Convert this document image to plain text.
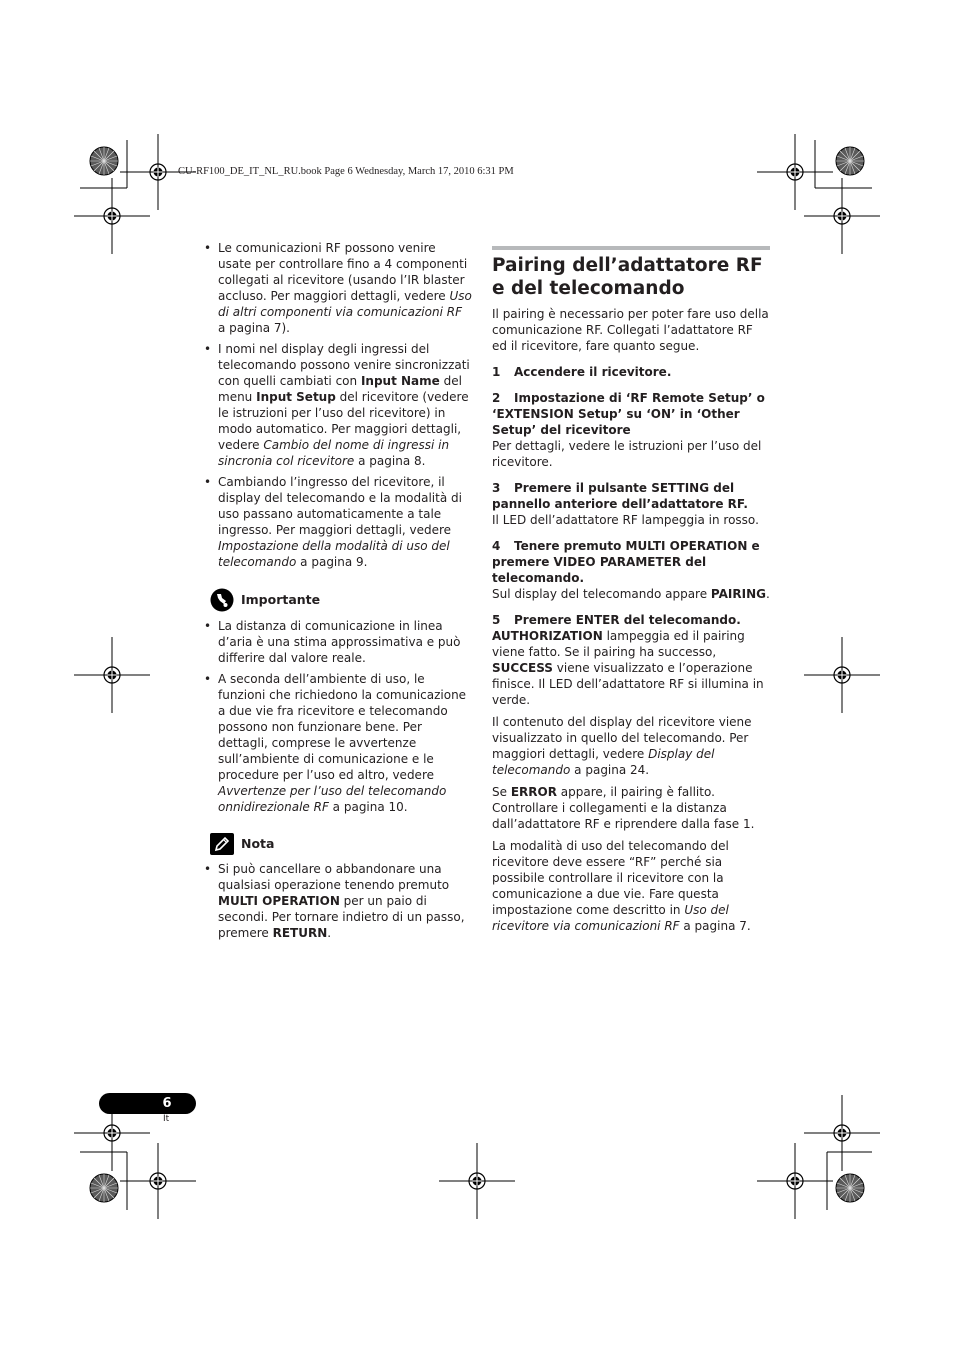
CU-RF100_DE_IT_NL_RU.book Page 6 Wednesday, March 17, 2010 6:31 PM
• Le comunicazioni RF possono venire usate per controllare fino a 4 componenti collegati al ricevitore (usando l’IR blaster accluso. Per maggiori dettagli, vedere Uso di altri componenti via comunicazioni RF a pagina 7).
• I nomi nel display degli ingressi del telecomando possono venire sincronizzati con quelli cambiati con Input Name del menu Input Setup del ricevitore (vedere le istruzioni per l’uso del ricevitore) in modo automatico. Per maggiori dettagli, vedere Cambio del nome di ingressi in sincronia col ricevitore a pagina 8.
• Cambiando l’ingresso del ricevitore, il display del telecomando e la modalità di uso passano automaticamente a tale ingresso. Per maggiori dettagli, vedere Impostazione della modalità di uso del telecomando a pagina 9.
Importante
• La distanza di comunicazione in linea d’aria è una stima approssimativa e può differire dal valore reale.
• A seconda dell’ambiente di uso, le funzioni che richiedono la comunicazione a due vie fra ricevitore e telecomando possono non funzionare bene. Per dettagli, comprese le avvertenze sull’ambiente di comunicazione e le procedure per l’uso ed altro, vedere Avvertenze per l’uso del telecomando onnidirezionale RF a pagina 10.
Nota
• Si può cancellare o abbandonare una qualsiasi operazione tenendo premuto MULTI OPERATION per un paio di secondi. Per tornare indietro di un passo, premere RETURN.
Pairing dell’adattatore RF e del telecomando

Il pairing è necessario per poter fare uso della comunicazione RF. Collegati l’adattatore RF ed il ricevitore, fare quanto segue.

1 Accendere il ricevitore.

2 Impostazione di ‘RF Remote Setup’ o ‘EXTENSION Setup’ su ‘ON’ in ‘Other Setup’ del ricevitore

Per dettagli, vedere le istruzioni per l’uso del ricevitore.

3 Premere il pulsante SETTING del pannello anteriore dell’adattatore RF.

Il LED dell’adattatore RF lampeggia in rosso.

4 Tenere premuto MULTI OPERATION e premere VIDEO PARAMETER del telecomando.

Sul display del telecomando appare PAIRING.

5 Premere ENTER del telecomando.

AUTHORIZATION lampeggia ed il pairing viene fatto. Se il pairing ha successo, SUCCESS viene visualizzato e l’operazione finisce. Il LED dell’adattatore RF si illumina in verde.

Il contenuto del display del ricevitore viene visualizzato in quello del telecomando. Per maggiori dettagli, vedere Display del telecomando a pagina 24.

Se ERROR appare, il pairing è fallito. Controllare i collegamenti e la distanza dall’adattatore RF e riprendere dalla fase 1.

La modalità di uso del telecomando del ricevitore deve essere “RF” perché sia possibile controllare il ricevitore con la comunicazione a due vie. Fare questa impostazione come descritto in Uso del ricevitore via comunicazioni RF a pagina 7.

6
It
